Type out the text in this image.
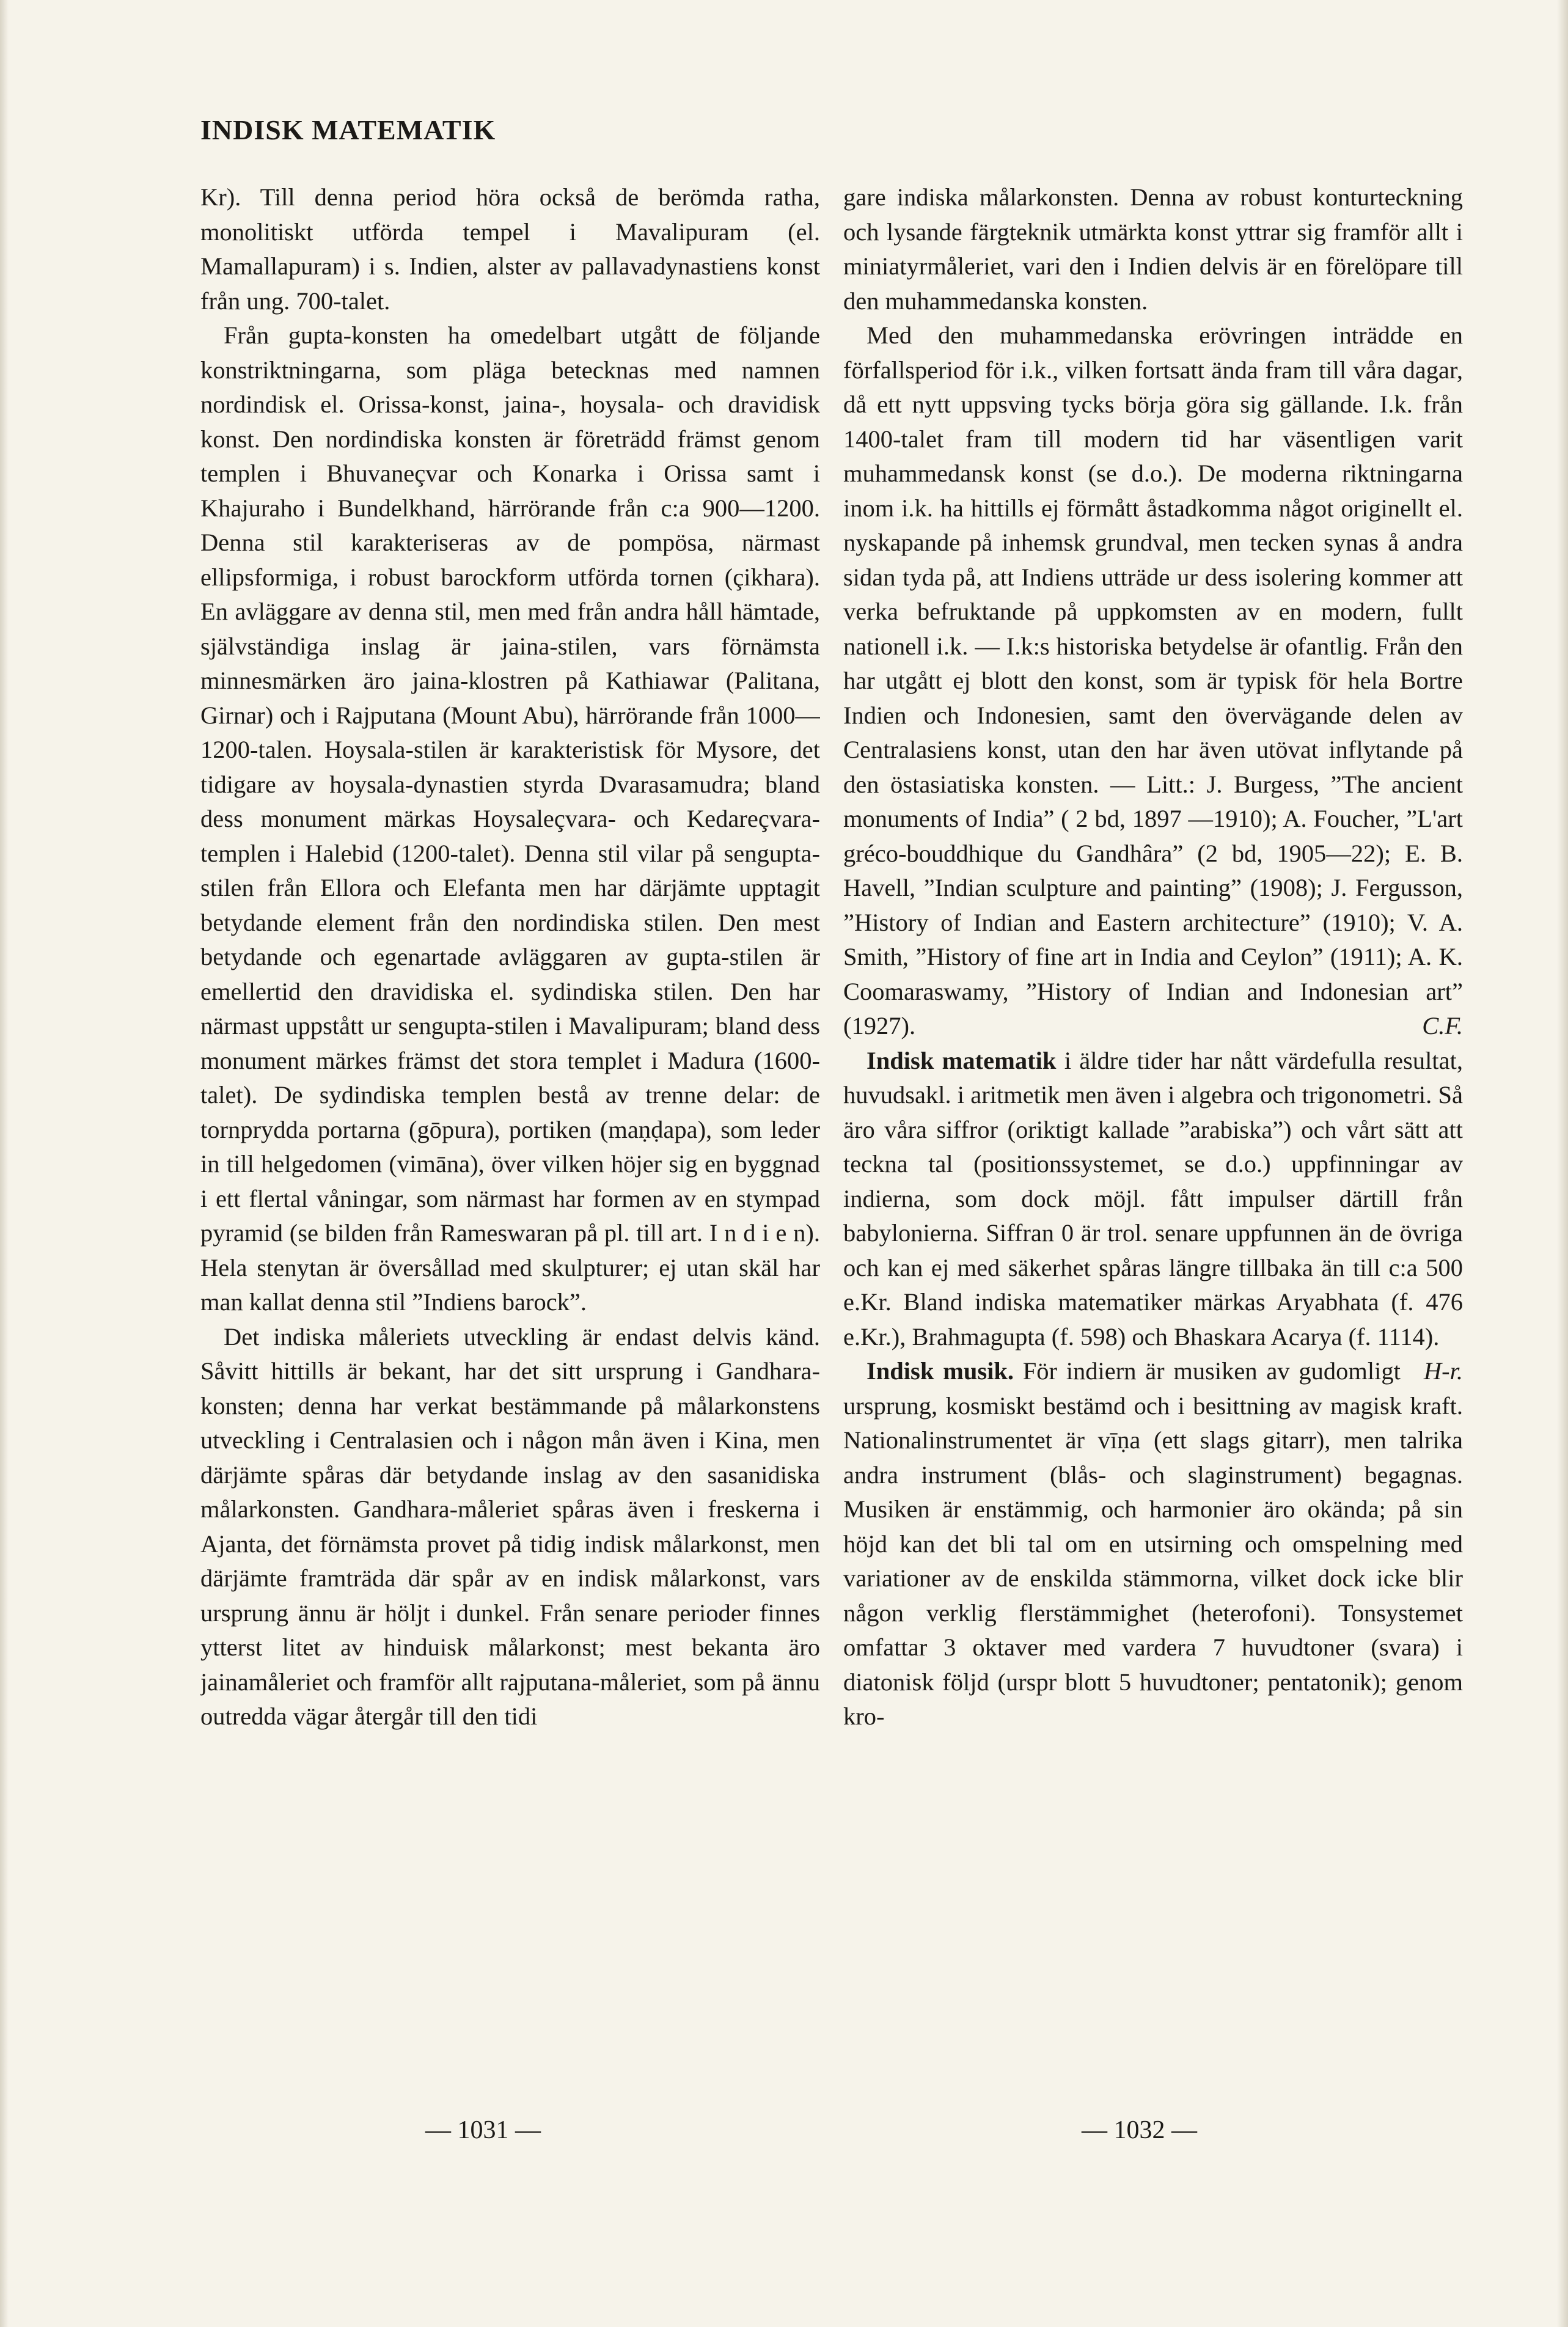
INDISK MATEMATIK

Kr). Till denna period höra också de berömda ratha, monolitiskt utförda tempel i Mavalipuram (el. Mamallapuram) i s. Indien, alster av pallavadynastiens konst från ung. 700-talet.

Från gupta-konsten ha omedelbart utgått de följande konstriktningarna, som pläga betecknas med namnen nordindisk el. Orissa-konst, jaina-, hoysala- och dravidisk konst. Den nordindiska konsten är företrädd främst genom templen i Bhuvaneçvar och Konarka i Orissa samt i Khajuraho i Bundelkhand, härrörande från c:a 900—1200. Denna stil karakteriseras av de pompösa, närmast ellipsformiga, i robust barockform utförda tornen (çikhara). En avläggare av denna stil, men med från andra håll hämtade, självständiga inslag är jaina-stilen, vars förnämsta minnesmärken äro jaina-klostren på Kathiawar (Palitana, Girnar) och i Rajputana (Mount Abu), härrörande från 1000—1200-talen. Hoysala-stilen är karakteristisk för Mysore, det tidigare av hoysala-dynastien styrda Dvarasamudra; bland dess monument märkas Hoysaleçvara- och Kedareçvara-templen i Halebid (1200-talet). Denna stil vilar på sengupta-stilen från Ellora och Elefanta men har därjämte upptagit betydande element från den nordindiska stilen. Den mest betydande och egenartade avläggaren av gupta-stilen är emellertid den dravidiska el. sydindiska stilen. Den har närmast uppstått ur sengupta-stilen i Mavalipuram; bland dess monument märkes främst det stora templet i Madura (1600-talet). De sydindiska templen bestå av trenne delar: de tornprydda portarna (gōpura), portiken (maṇḍapa), som leder in till helgedomen (vimāna), över vilken höjer sig en byggnad i ett flertal våningar, som närmast har formen av en stympad pyramid (se bilden från Rameswaran på pl. till art. I n d i e n). Hela stenytan är översållad med skulpturer; ej utan skäl har man kallat denna stil ”Indiens barock”.

Det indiska måleriets utveckling är endast delvis känd. Såvitt hittills är bekant, har det sitt ursprung i Gandhara-konsten; denna har verkat bestämmande på målarkonstens utveckling i Centralasien och i någon mån även i Kina, men därjämte spåras där betydande inslag av den sasanidiska målarkonsten. Gandhara-måleriet spåras även i freskerna i Ajanta, det förnämsta provet på tidig indisk målarkonst, men därjämte framträda där spår av en indisk målarkonst, vars ursprung ännu är höljt i dunkel. Från senare perioder finnes ytterst litet av hinduisk målarkonst; mest bekanta äro jainamåleriet och framför allt rajputana-måleriet, som på ännu outredda vägar återgår till den tidi

gare indiska målarkonsten. Denna av robust konturteckning och lysande färgteknik utmärkta konst yttrar sig framför allt i miniatyrmåleriet, vari den i Indien delvis är en förelöpare till den muhammedanska konsten.

Med den muhammedanska erövringen inträdde en förfallsperiod för i.k., vilken fortsatt ända fram till våra dagar, då ett nytt uppsving tycks börja göra sig gällande. I.k. från 1400-talet fram till modern tid har väsentligen varit muhammedansk konst (se d.o.). De moderna riktningarna inom i.k. ha hittills ej förmått åstadkomma något originellt el. nyskapande på inhemsk grundval, men tecken synas å andra sidan tyda på, att Indiens utträde ur dess isolering kommer att verka befruktande på uppkomsten av en modern, fullt nationell i.k. — I.k:s historiska betydelse är ofantlig. Från den har utgått ej blott den konst, som är typisk för hela Bortre Indien och Indonesien, samt den övervägande delen av Centralasiens konst, utan den har även utövat inflytande på den östasiatiska konsten. — Litt.: J. Burgess, ”The ancient monuments of India” ( 2 bd, 1897 —1910); A. Foucher, ”L'art gréco-bouddhique du Gandhâra” (2 bd, 1905—22); E. B. Havell, ”Indian sculpture and painting” (1908); J. Fergusson, ”History of Indian and Eastern architecture” (1910); V. A. Smith, ”History of fine art in India and Ceylon” (1911); A. K. Coomaraswamy, ”History of Indian and Indonesian art” (1927).	C.F.

Indisk matematik i äldre tider har nått värdefulla resultat, huvudsakl. i aritmetik men även i algebra och trigonometri. Så äro våra siffror (oriktigt kallade ”arabiska”) och vårt sätt att teckna tal (positionssystemet, se d.o.) uppfinningar av indierna, som dock möjl. fått impulser därtill från babylonierna. Siffran 0 är trol. senare uppfunnen än de övriga och kan ej med säkerhet spåras längre tillbaka än till c:a 500 e.Kr. Bland indiska matematiker märkas Aryabhata (f. 476 e.Kr.), Brahmagupta (f. 598) och Bhaskara Acarya (f. 1114).
H-r.

Indisk musik. För indiern är musiken av gudomligt ursprung, kosmiskt bestämd och i besittning av magisk kraft. Nationalinstrumentet är vīṇa (ett slags gitarr), men talrika andra instrument (blås- och slaginstrument) begagnas. Musiken är enstämmig, och harmonier äro okända; på sin höjd kan det bli tal om en utsirning och omspelning med variationer av de enskilda stämmorna, vilket dock icke blir någon verklig flerstämmighet (heterofoni). Tonsystemet omfattar 3 oktaver med vardera 7 huvudtoner (svara) i diatonisk följd (urspr blott 5 huvudtoner; pentatonik); genom kro-

— 1031 —	— 1032 —
